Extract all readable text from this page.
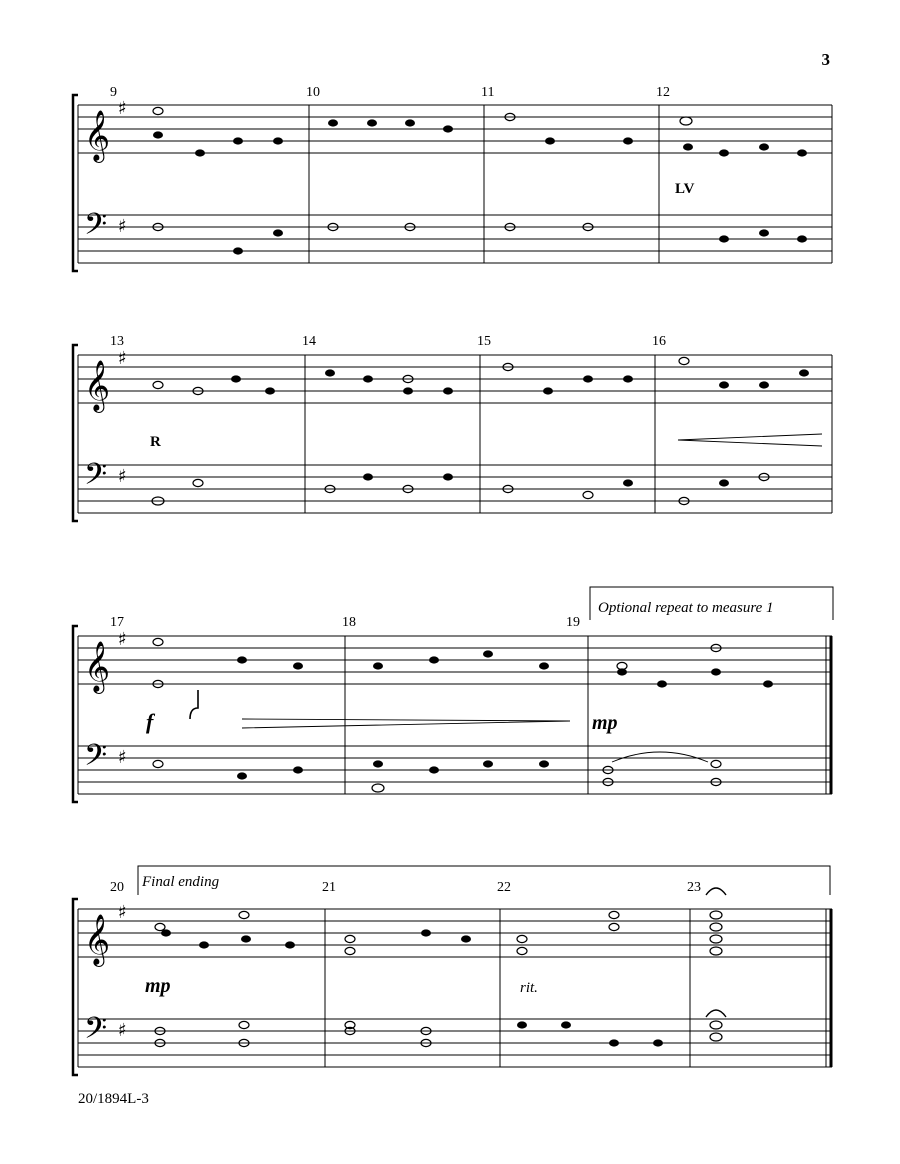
3
𝄞
𝄢
♯
♯
𝄞
𝄢
♯
♯
𝄞
𝄢
♯
♯
𝄞
𝄢
♯
♯
9	10	11	12
13	14	15	16
17	18	19
20	21	22	23
LV
R
f	mp
Optional repeat to measure 1
Final ending
mp	rit.
20/1894L-3
